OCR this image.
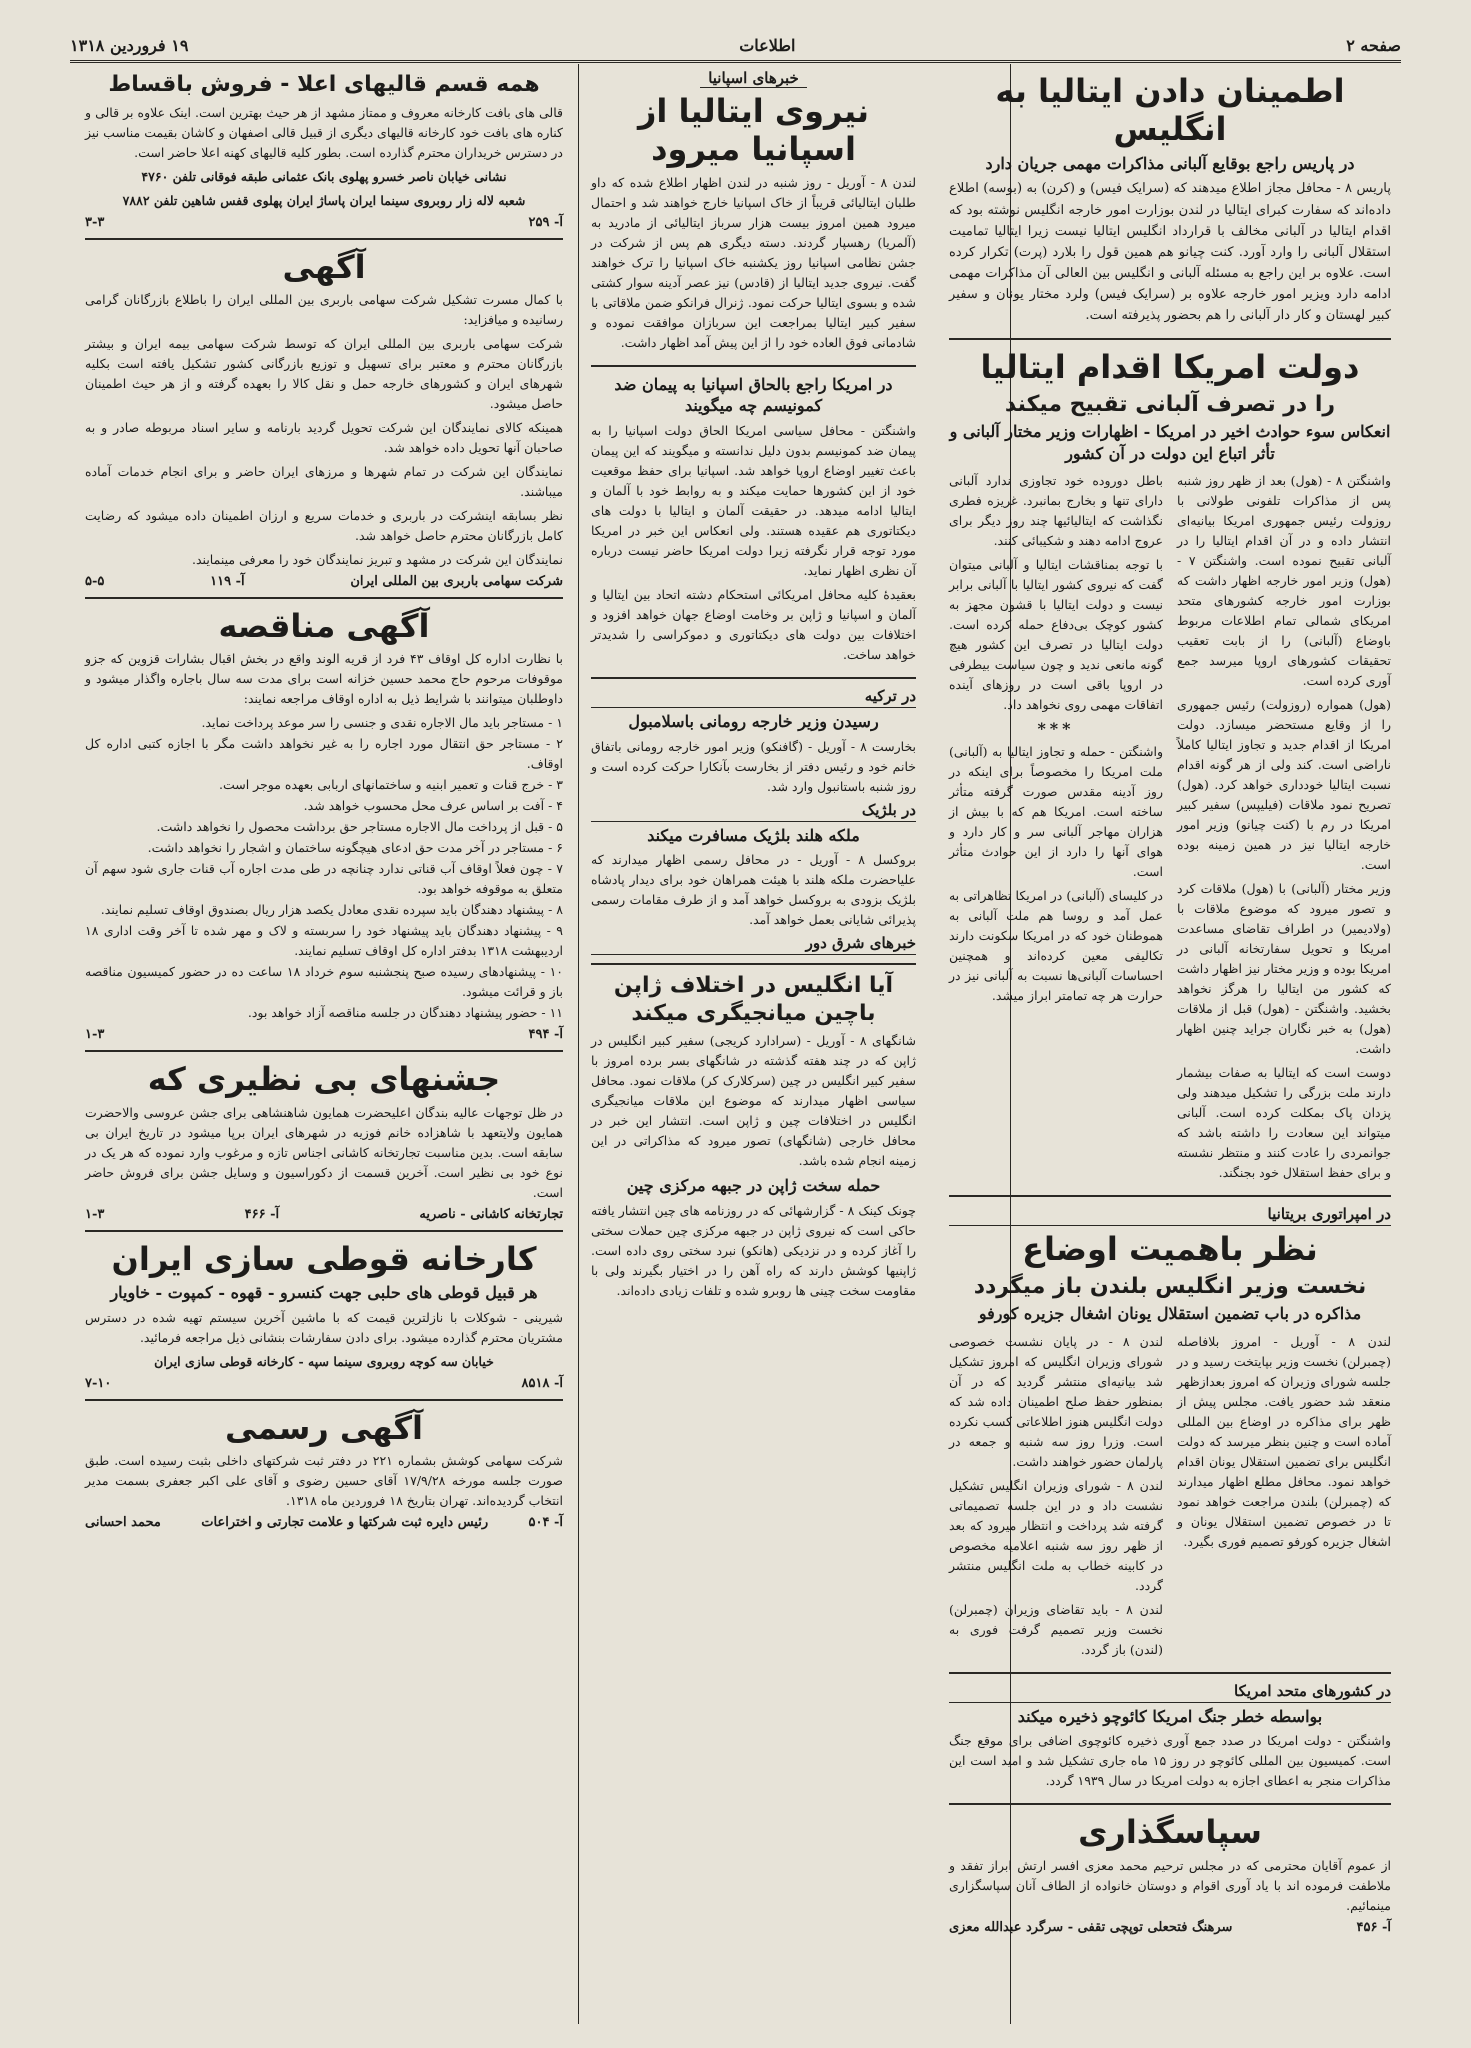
صفحه ۲
اطلاعات
۱۹ فروردین ۱۳۱۸
اطمینان دادن ایتالیا به انگلیس
در پاریس راجع بوقایع آلبانی مذاکرات مهمی جریان دارد
پاریس ۸ - محافل مجاز اطلاع میدهند که (سرایک فیس) و (کرن) به (بوسه) اطلاع داده‌اند که سفارت کبرای ایتالیا در لندن بوزارت امور خارجه انگلیس نوشته بود که اقدام ایتالیا در آلبانی مخالف با قرارداد انگلیس ایتالیا نیست زیرا ایتالیا تمامیت استقلال آلبانی را وارد آورد. کنت چیانو هم همین قول را بلارد (پرت) تکرار کرده است. علاوه بر این راجع به مسئله آلبانی و انگلیس بین العالی آن مذاکرات مهمی ادامه دارد ویزیر امور خارجه علاوه بر (سرایک فیس) ولرد مختار یونان و سفیر کبیر لهستان و کار دار آلبانی را هم بحضور پذیرفته است.
دولت امریکا اقدام ایتالیا
را در تصرف آلبانی تقبیح میکند
انعکاس سوء حوادث اخیر در امریکا - اظهارات وزیر مختار آلبانی و تأثر اتباع این دولت در آن کشور
واشنگتن ۸ - (هول) بعد از ظهر روز شنبه پس از مذاکرات تلفونی طولانی با روزولت رئیس جمهوری امریکا بیانیه‌ای انتشار داده و در آن اقدام ایتالیا را در آلبانی تقبیح نموده است. واشنگتن ۷ - (هول) وزیر امور خارجه اظهار داشت که بوزارت امور خارجه کشورهای متحد امریکای شمالی تمام اطلاعات مربوط باوضاع (آلبانی) را از بابت تعقیب تحقیقات کشورهای اروپا میرسد جمع آوری کرده است.
(هول) همواره (روزولت) رئیس جمهوری را از وقایع مستحضر میسازد. دولت امریکا از اقدام جدید و تجاوز ایتالیا کاملاً ناراضی است. کند ولی از هر گونه اقدام نسبت ایتالیا خودداری خواهد کرد. (هول) تصریح نمود ملاقات (فیلیپس) سفیر کبیر امریکا در رم با (کنت چیانو) وزیر امور خارجه ایتالیا نیز در همین زمینه بوده است.
وزیر مختار (آلبانی) با (هول) ملاقات کرد و تصور میرود که موضوع ملاقات با (ولادیمیر) در اطراف تقاضای مساعدت امریکا و تحویل سفارتخانه آلبانی در امریکا بوده و وزیر مختار نیز اظهار داشت که کشور من ایتالیا را هرگز نخواهد بخشید. واشنگتن - (هول) قبل از ملاقات (هول) به خبر نگاران جراید چنین اظهار داشت.
دوست است که ایتالیا به صفات بیشمار دارند ملت بزرگی را تشکیل میدهند ولی پزدان پاک بمکلت کرده است. آلبانی میتواند این سعادت را داشته باشد که جوانمردی را عادت کنند و منتظر نشسته و برای حفظ استقلال خود بجنگند.
باطل دوروده خود تجاوزی ندارد آلبانی دارای تنها و بخارج بمانبرد. غریزه فطری نگذاشت که ایتالیائیها چند روز دیگر برای عروج ادامه دهند و شکیبائی کنند.
با توجه بمناقشات ایتالیا و آلبانی میتوان گفت که نیروی کشور ایتالیا با آلبانی برابر نیست و دولت ایتالیا با قشون مجهز به کشور کوچک بی‌دفاع حمله کرده است. دولت ایتالیا در تصرف این کشور هیچ گونه مانعی ندید و چون سیاست بیطرفی در اروپا باقی است در روزهای آینده اتفاقات مهمی روی نخواهد داد.
***
واشنگتن - حمله و تجاوز ایتالیا به (آلبانی) ملت امریکا را مخصوصاً برای اینکه در روز آدینه مقدس صورت گرفته متأثر ساخته است. امریکا هم که با بیش از هزاران مهاجر آلبانی سر و کار دارد و هوای آنها را دارد از این حوادث متأثر است.
در کلیسای (آلبانی) در امریکا تظاهراتی به عمل آمد و روسا هم ملت آلبانی به هموطنان خود که در امریکا سکونت دارند تکالیفی معین کرده‌اند و همچنین احساسات آلبانی‌ها نسبت به آلبانی نیز در حرارت هر چه تمامتر ابراز میشد.
در امپراتوری بریتانیا
نظر باهمیت اوضاع
نخست وزیر انگلیس بلندن باز میگردد
مذاکره در باب تضمین استقلال یونان اشغال جزیره کورفو
لندن ۸ - آوریل - امروز بلافاصله (چمبرلن) نخست وزیر بپایتخت رسید و در جلسه شورای وزیران که امروز بعدازظهر منعقد شد حضور یافت. مجلس پیش از ظهر برای مذاکره در اوضاع بین المللی آماده است و چنین بنظر میرسد که دولت انگلیس برای تضمین استقلال یونان اقدام خواهد نمود. محافل مطلع اظهار میدارند که (چمبرلن) بلندن مراجعت خواهد نمود تا در خصوص تضمین استقلال یونان و اشغال جزیره کورفو تصمیم فوری بگیرد.
لندن ۸ - در پایان نشست خصوصی شورای وزیران انگلیس که امروز تشکیل شد بیانیه‌ای منتشر گردید که در آن بمنظور حفظ صلح اطمینان داده شد که دولت انگلیس هنوز اطلاعاتی کسب نکرده است. وزرا روز سه شنبه و جمعه در پارلمان حضور خواهند داشت.
لندن ۸ - شورای وزیران انگلیس تشکیل نشست داد و در این جلسه تصمیماتی گرفته شد پرداخت و انتظار میرود که بعد از ظهر روز سه شنبه اعلامیه مخصوص در کابینه خطاب به ملت انگلیس منتشر گردد.
لندن ۸ - باید تقاضای وزیران (چمبرلن) نخست وزیر تصمیم گرفت فوری به (لندن) باز گردد.
در کشورهای متحد امریکا
بواسطه خطر جنگ امریکا کائوچو ذخیره میکند
واشنگتن - دولت امریکا در صدد جمع آوری ذخیره کائوچوی اضافی برای موقع جنگ است. کمیسیون بین المللی کائوچو در روز ۱۵ ماه جاری تشکیل شد و امید است این مذاکرات منجر به اعطای اجازه به دولت امریکا در سال ۱۹۳۹ گردد.
سپاسگذاری
از عموم آقایان محترمی که در مجلس ترحیم محمد معزی افسر ارتش ابراز تفقد و ملاطفت فرموده اند با یاد آوری اقوام و دوستان خانواده از الطاف آنان سپاسگزاری مینمائیم.
آ- ۴۵۶
سرهنگ فتحعلی توپچی تقفی - سرگرد عبدالله معزی
خبرهای اسپانیا
نیروی ایتالیا از اسپانیا میرود
لندن ۸ - آوریل - روز شنبه در لندن اظهار اطلاع شده که داو طلبان ایتالیائی قریباً از خاک اسپانیا خارج خواهند شد و احتمال میرود همین امروز بیست هزار سرباز ایتالیائی از مادرید به (آلمریا) رهسپار گردند. دسته دیگری هم پس از شرکت در جشن نظامی اسپانیا روز یکشنبه خاک اسپانیا را ترک خواهند گفت. نیروی جدید ایتالیا از (قادس) نیز عصر آدینه سوار کشتی شده و بسوی ایتالیا حرکت نمود. ژنرال فرانکو ضمن ملاقاتی با سفیر کبیر ایتالیا بمراجعت این سربازان موافقت نموده و شادمانی فوق العاده خود را از این پیش آمد اظهار داشت.
در امریکا راجع بالحاق اسپانیا به پیمان ضد کمونیسم چه میگویند
واشنگتن - محافل سیاسی امریکا الحاق دولت اسپانیا را به پیمان ضد کمونیسم بدون دلیل ندانسته و میگویند که این پیمان باعث تغییر اوضاع اروپا خواهد شد. اسپانیا برای حفظ موقعیت خود از این کشورها حمایت میکند و به روابط خود با آلمان و ایتالیا ادامه میدهد. در حقیقت آلمان و ایتالیا با دولت های دیکتاتوری هم عقیده هستند. ولی انعکاس این خبر در امریکا مورد توجه قرار نگرفته زیرا دولت امریکا حاضر نیست درباره آن نظری اظهار نماید.
بعقیدهٔ کلیه محافل امریکائی استحکام دشته اتحاد بین ایتالیا و آلمان و اسپانیا و ژاپن بر وخامت اوضاع جهان خواهد افزود و اختلافات بین دولت های دیکتاتوری و دموکراسی را شدیدتر خواهد ساخت.
در ترکیه
رسیدن وزیر خارجه رومانی باسلامبول
بخارست ۸ - آوریل - (گافنکو) وزیر امور خارجه رومانی باتفاق خانم خود و رئیس دفتر از بخارست بآنکارا حرکت کرده است و روز شنبه باستانبول وارد شد.
در بلژیک
ملکه هلند بلژیک مسافرت میکند
بروکسل ۸ - آوریل - در محافل رسمی اظهار میدارند که علیاحضرت ملکه هلند با هیئت همراهان خود برای دیدار پادشاه بلژیک بزودی به بروکسل خواهد آمد و از طرف مقامات رسمی پذیرائی شایانی بعمل خواهد آمد.
خبرهای شرق دور
آیا انگلیس در اختلاف ژاپن باچین میانجیگری میکند
شانگهای ۸ - آوریل - (سرادارد کریجی) سفیر کبیر انگلیس در ژاپن که در چند هفته گذشته در شانگهای بسر برده امروز با سفیر کبیر انگلیس در چین (سرکلارک کر) ملاقات نمود. محافل سیاسی اظهار میدارند که موضوع این ملاقات میانجیگری انگلیس در اختلافات چین و ژاپن است. انتشار این خبر در محافل خارجی (شانگهای) تصور میرود که مذاکراتی در این زمینه انجام شده باشد.
حمله سخت ژاپن در جبهه مرکزی چین
چونک کینک ۸ - گزارشهائی که در روزنامه های چین انتشار یافته حاکی است که نیروی ژاپن در جبهه مرکزی چین حملات سختی را آغاز کرده و در نزدیکی (هانکو) نبرد سختی روی داده است. ژاپنیها کوشش دارند که راه آهن را در اختیار بگیرند ولی با مقاومت سخت چینی ها روبرو شده و تلفات زیادی داده‌اند.
همه قسم قالیهای اعلا - فروش باقساط
قالی های بافت کارخانه معروف و ممتاز مشهد از هر حیث بهترین است. اینک علاوه بر قالی و کناره های بافت خود کارخانه قالیهای دیگری از قبیل قالی اصفهان و کاشان بقیمت مناسب نیز در دسترس خریداران محترم گذارده است. بطور کلیه قالیهای کهنه اعلا حاضر است.
نشانی خیابان ناصر خسرو پهلوی بانک عثمانی طبقه فوقانی تلفن ۴۷۶۰
شعبه لاله زار روبروی سینما ایران پاساژ ایران پهلوی قفس شاهین تلفن ۷۸۸۲
آ- ۲۵۹
۳-۳
آگهی
با کمال مسرت تشکیل شرکت سهامی باربری بین المللی ایران را باطلاع بازرگانان گرامی رسانیده و میافزاید:
شرکت سهامی باربری بین المللی ایران که توسط شرکت سهامی بیمه ایران و بیشتر بازرگانان محترم و معتبر برای تسهیل و توزیع بازرگانی کشور تشکیل یافته است بکلیه شهرهای ایران و کشورهای خارجه حمل و نقل کالا را بعهده گرفته و از هر حیث اطمینان حاصل میشود.
همینکه کالای نمایندگان این شرکت تحویل گردید بارنامه و سایر اسناد مربوطه صادر و به صاحبان آنها تحویل داده خواهد شد.
نمایندگان این شرکت در تمام شهرها و مرزهای ایران حاضر و برای انجام خدمات آماده میباشند.
نظر بسابقه اینشرکت در باربری و خدمات سریع و ارزان اطمینان داده میشود که رضایت کامل بازرگانان محترم حاصل خواهد شد.
نمایندگان این شرکت در مشهد و تبریز نمایندگان خود را معرفی مینمایند.
شرکت سهامی باربری بین المللی ایران
آ- ۱۱۹
۵-۵
آگهی مناقصه
با نظارت اداره کل اوقاف ۴۳ فرد از قریه الوند واقع در بخش اقبال بشارات قزوین که جزو موقوفات مرحوم حاج محمد حسین خزانه است برای مدت سه سال باجاره واگذار میشود و داوطلبان میتوانند با شرایط ذیل به اداره اوقاف مراجعه نمایند:
۱ - مستاجر باید مال الاجاره نقدی و جنسی را سر موعد پرداخت نماید.
۲ - مستاجر حق انتقال مورد اجاره را به غیر نخواهد داشت مگر با اجازه کتبی اداره کل اوقاف.
۳ - خرج قنات و تعمیر ابنیه و ساختمانهای اربابی بعهده موجر است.
۴ - آفت بر اساس عرف محل محسوب خواهد شد.
۵ - قبل از پرداخت مال الاجاره مستاجر حق برداشت محصول را نخواهد داشت.
۶ - مستاجر در آخر مدت حق ادعای هیچگونه ساختمان و اشجار را نخواهد داشت.
۷ - چون فعلاً اوقاف آب قناتی ندارد چنانچه در طی مدت اجاره آب قنات جاری شود سهم آن متعلق به موقوفه خواهد بود.
۸ - پیشنهاد دهندگان باید سپرده نقدی معادل یکصد هزار ریال بصندوق اوقاف تسلیم نمایند.
۹ - پیشنهاد دهندگان باید پیشنهاد خود را سربسته و لاک و مهر شده تا آخر وقت اداری ۱۸ اردیبهشت ۱۳۱۸ بدفتر اداره کل اوقاف تسلیم نمایند.
۱۰ - پیشنهادهای رسیده صبح پنجشنبه سوم خرداد ۱۸ ساعت ده در حضور کمیسیون مناقصه باز و قرائت میشود.
۱۱ - حضور پیشنهاد دهندگان در جلسه مناقصه آزاد خواهد بود.
آ- ۴۹۴
۱-۳
جشنهای بی نظیری که
در ظل توجهات عالیه بندگان اعلیحضرت همایون شاهنشاهی برای جشن عروسی والاحضرت همایون ولایتعهد با شاهزاده خانم فوزیه در شهرهای ایران برپا میشود در تاریخ ایران بی سابقه است. بدین مناسبت تجارتخانه کاشانی اجناس تازه و مرغوب وارد نموده که هر یک در نوع خود بی نظیر است. آخرین قسمت از دکوراسیون و وسایل جشن برای فروش حاضر است.
تجارتخانه کاشانی - ناصریه
آ- ۴۶۶
۱-۳
کارخانه قوطی سازی ایران
هر قبیل قوطی های حلبی جهت کنسرو - قهوه - کمپوت - خاویار
شیرینی - شوکلات با نازلترین قیمت که با ماشین آخرین سیستم تهیه شده در دسترس مشتریان محترم گذارده میشود. برای دادن سفارشات بنشانی ذیل مراجعه فرمائید.
خیابان سه کوچه روبروی سینما سپه - کارخانه قوطی سازی ایران
آ- ۸۵۱۸
۷-۱۰
آگهی رسمی
شرکت سهامی کوشش بشماره ۲۲۱ در دفتر ثبت شرکتهای داخلی بثبت رسیده است. طبق صورت جلسه مورخه ۱۷/۹/۲۸ آقای حسین رضوی و آقای علی اکبر جعفری بسمت مدیر انتخاب گردیده‌اند. تهران بتاریخ ۱۸ فروردین ماه ۱۳۱۸.
آ- ۵۰۴
رئیس دایره ثبت شرکتها و علامت تجارتی و اختراعات
محمد احسانی
